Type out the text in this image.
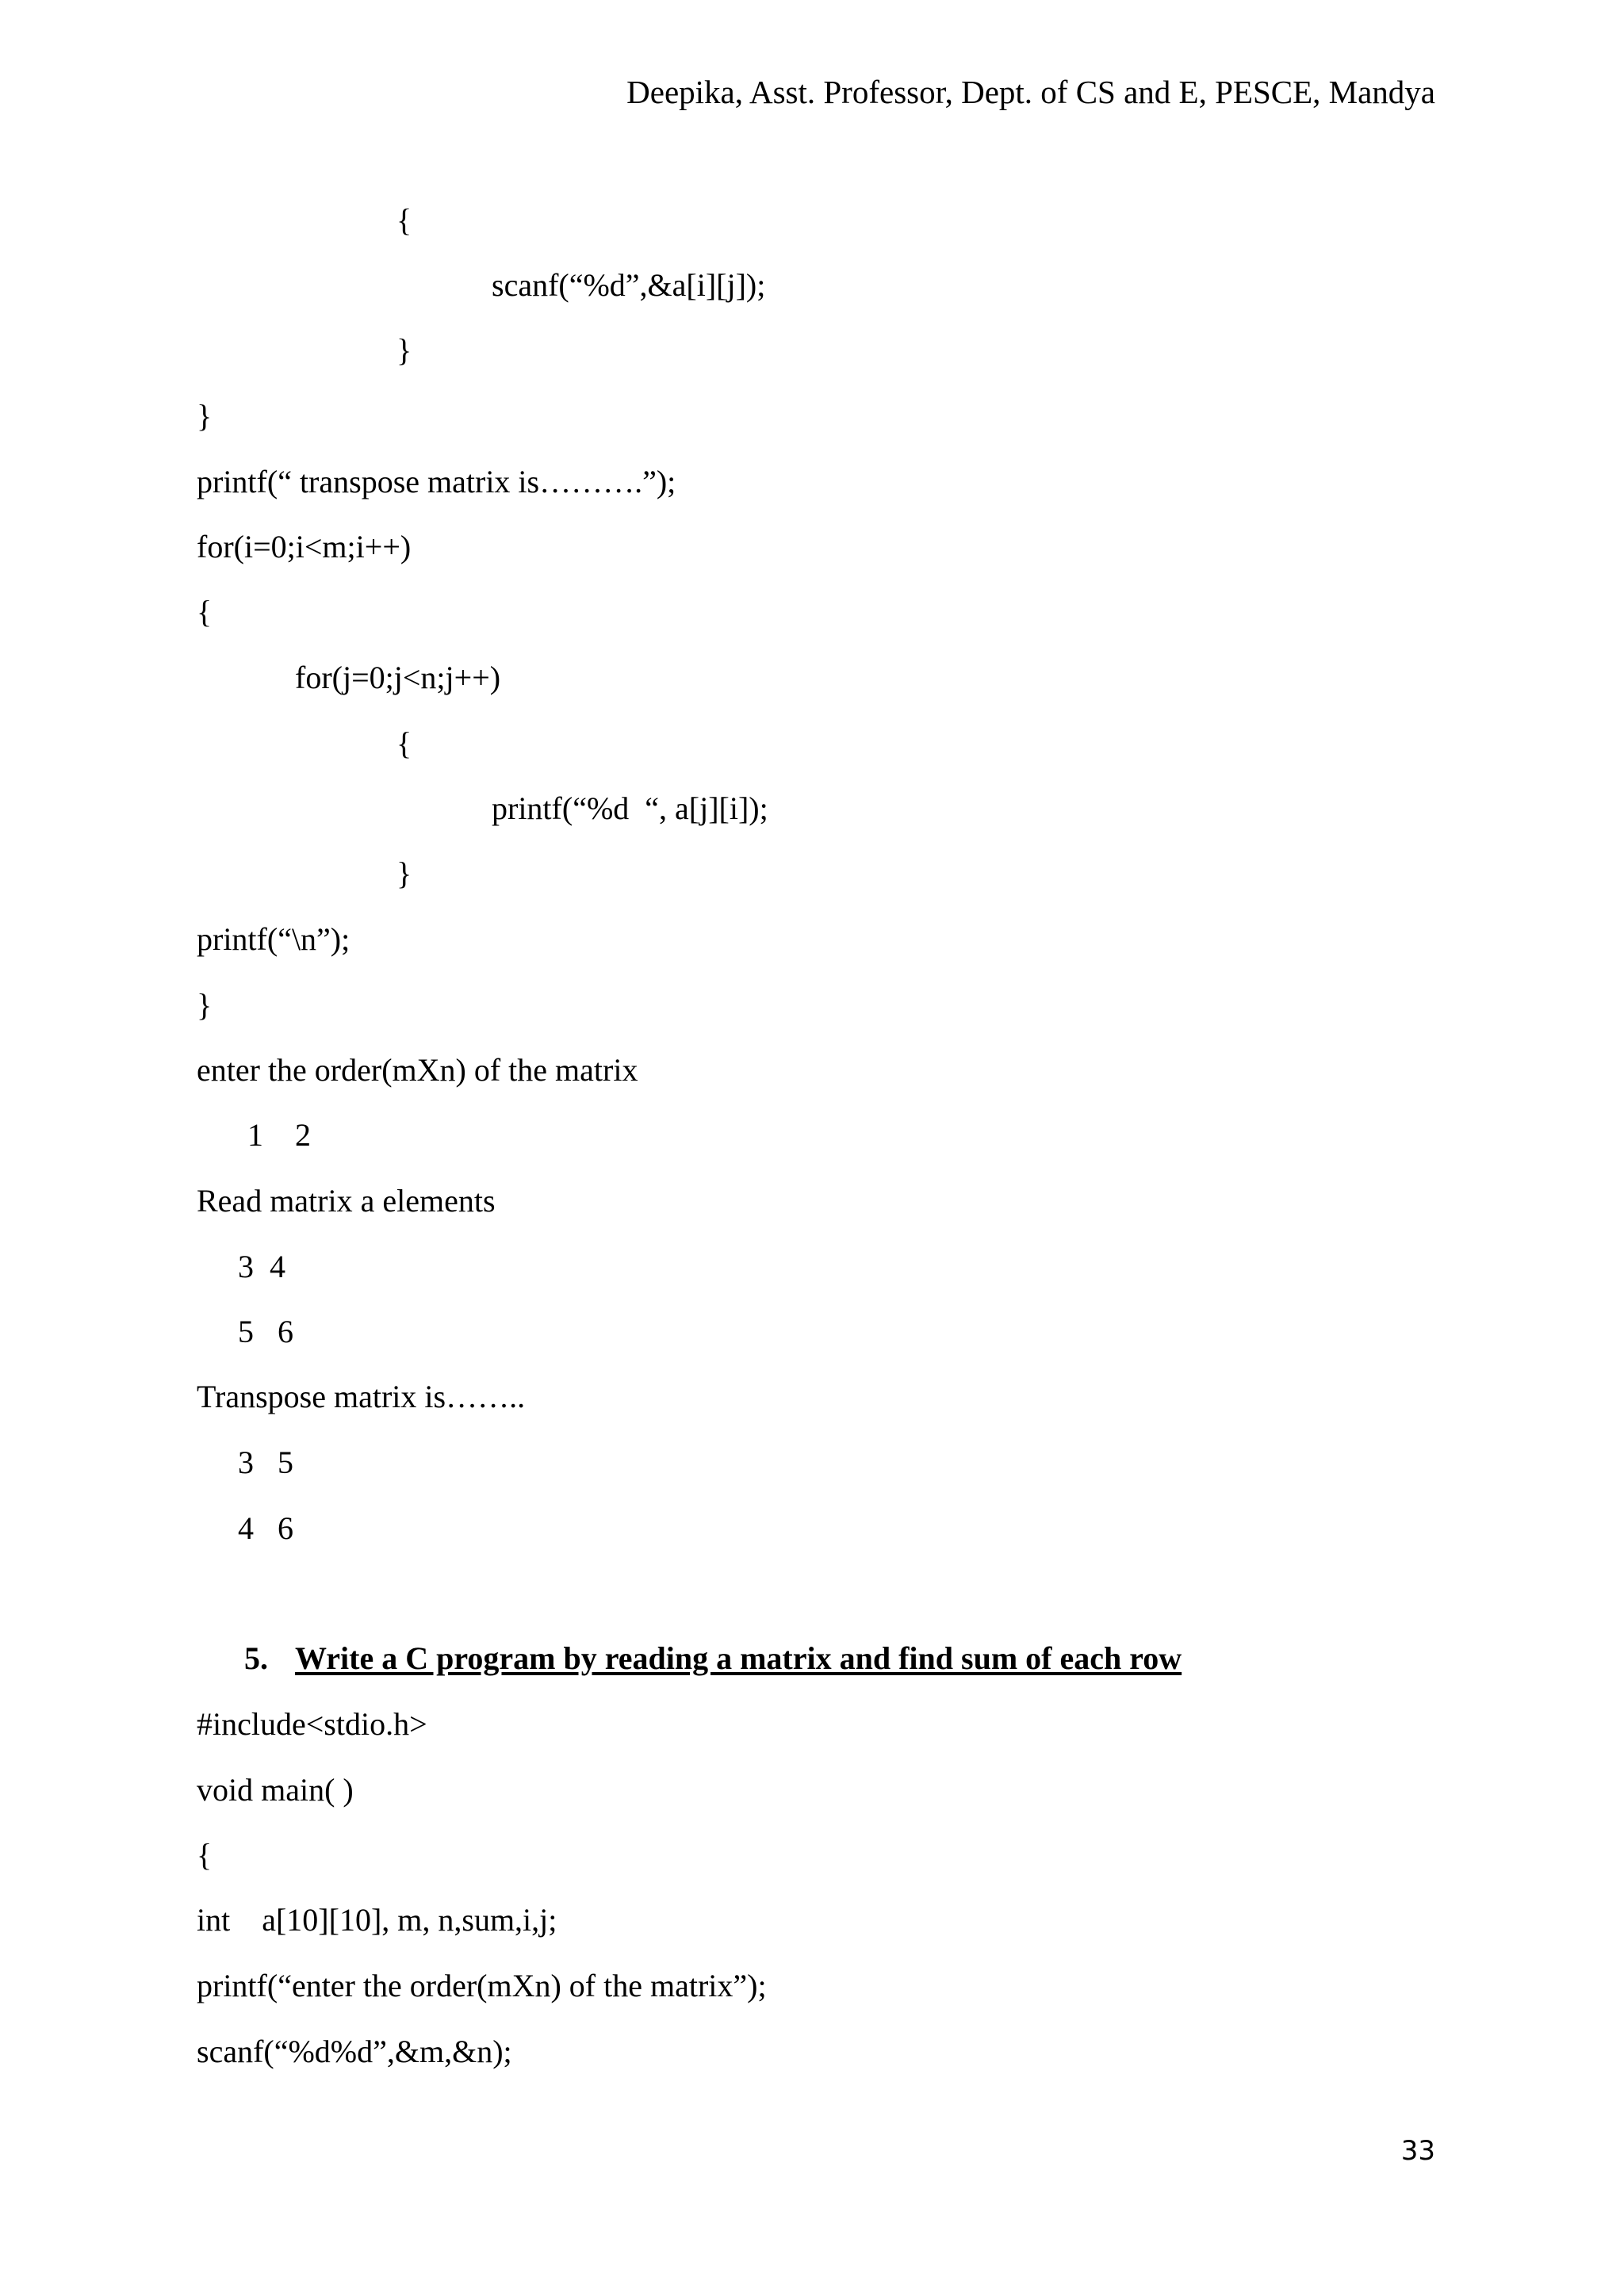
Deepika, Asst. Professor, Dept. of CS and E, PESCE, Mandya
{
scanf(“%d”,&a[i][j]);
}
}
printf(“ transpose matrix is……….”);
for(i=0;i<m;i++)
{
for(j=0;j<n;j++)
{
printf(“%d  “, a[j][i]);
}
printf(“\n”);
}
enter the order(mXn) of the matrix
1    2
Read matrix a elements
3  4
5   6
Transpose matrix is……..
3   5
4   6
5. Write a C program by reading a matrix and find sum of each row
#include<stdio.h>
void main( )
{
int    a[10][10], m, n,sum,i,j;
printf(“enter the order(mXn) of the matrix”);
scanf(“%d%d”,&m,&n);
33
